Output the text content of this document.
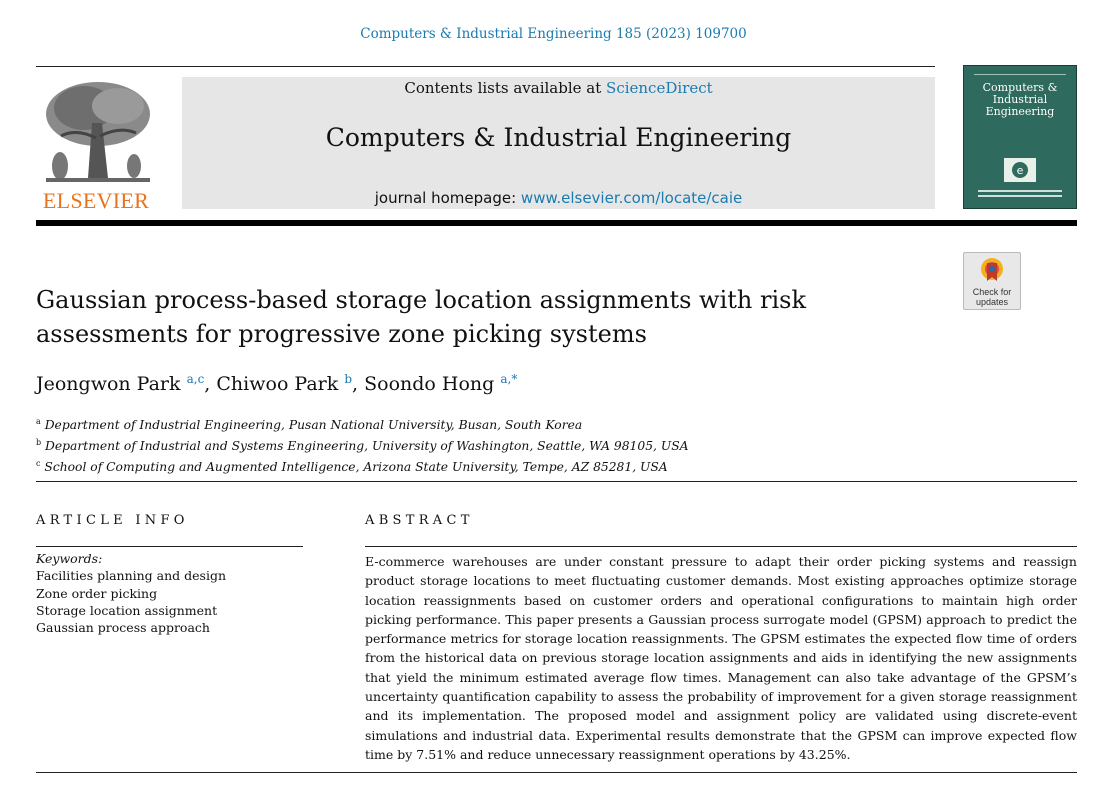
Computers & Industrial Engineering 185 (2023) 109700
ELSEVIER
Contents lists available at ScienceDirect
Computers & Industrial Engineering
journal homepage: www.elsevier.com/locate/caie
Computers & Industrial Engineering
e
Check for
updates
Gaussian process-based storage location assignments with risk assessments for progressive zone picking systems
Jeongwon Park $^{a,c}$, Chiwoo Park $^b$, Soondo Hong $^{a,*}$
$^a$ Department of Industrial Engineering, Pusan National University, Busan, South Korea
$^b$ Department of Industrial and Systems Engineering, University of Washington, Seattle, WA 98105, USA
$^c$ School of Computing and Augmented Intelligence, Arizona State University, Tempe, AZ 85281, USA
ARTICLE INFO
Keywords:
Facilities planning and design
Zone order picking
Storage location assignment
Gaussian process approach
ABSTRACT
E-commerce warehouses are under constant pressure to adapt their order picking systems and reassign product storage locations to meet fluctuating customer demands. Most existing approaches optimize storage location reassignments based on customer orders and operational configurations to maintain high order picking performance. This paper presents a Gaussian process surrogate model (GPSM) approach to predict the performance metrics for storage location reassignments. The GPSM estimates the expected flow time of orders from the historical data on previous storage location assignments and aids in identifying the new assignments that yield the minimum estimated average flow times. Management can also take advantage of the GPSM’s uncertainty quantification capability to assess the probability of improvement for a given storage reassignment and its implementation. The proposed model and assignment policy are validated using discrete-event simulations and industrial data. Experimental results demonstrate that the GPSM can improve expected flow time by 7.51% and reduce unnecessary reassignment operations by 43.25%.
